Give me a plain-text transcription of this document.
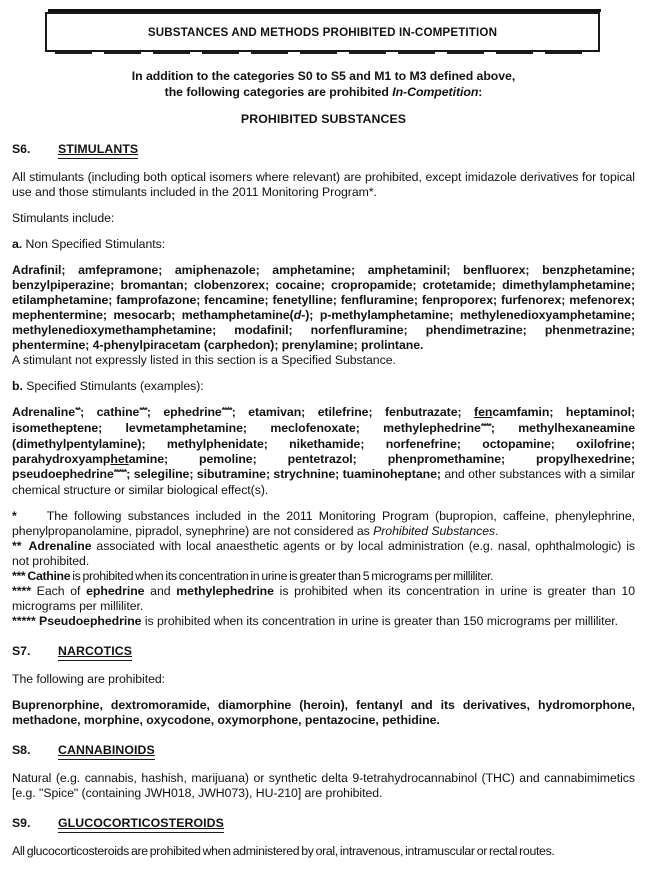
SUBSTANCES AND METHODS PROHIBITED IN-COMPETITION
In addition to the categories S0 to S5 and M1 to M3 defined above,
the following categories are prohibited In-Competition:
PROHIBITED SUBSTANCES
S6.	STIMULANTS

All stimulants (including both optical isomers where relevant) are prohibited, except imidazole derivatives for topical use and those stimulants included in the 2011 Monitoring Program*.

Stimulants include:

a. Non Specified Stimulants:

Adrafinil; amfepramone; amiphenazole; amphetamine; amphetaminil; benfluorex; benzphetamine; benzylpiperazine; bromantan; clobenzorex; cocaine; cropropamide; crotetamide; dimethylamphetamine; etilamphetamine; famprofazone; fencamine; fenetylline; fenfluramine; fenproporex; furfenorex; mefenorex; mephentermine; mesocarb; methamphetamine(d-); p-methylamphetamine; methylenedioxyamphetamine; methylenedioxymethamphetamine; modafinil; norfenfluramine; phendimetrazine; phenmetrazine; phentermine; 4-phenylpiracetam (carphedon); prenylamine; prolintane.

A stimulant not expressly listed in this section is a Specified Substance.

b. Specified Stimulants (examples):

Adrenaline**; cathine***; ephedrine****; etamivan; etilefrine; fenbutrazate; fencamfamin; heptaminol; isometheptene; levmetamphetamine; meclofenoxate; methylephedrine****; methylhexaneamine (dimethylpentylamine); methylphenidate; nikethamide; norfenefrine; octopamine; oxilofrine; parahydroxyamphetamine; pemoline; pentetrazol; phenpromethamine; propylhexedrine; pseudoephedrine*****; selegiline; sibutramine; strychnine; tuaminoheptane; and other substances with a similar chemical structure or similar biological effect(s).

* The following substances included in the 2011 Monitoring Program (bupropion, caffeine, phenylephrine, phenylpropanolamine, pipradol, synephrine) are not considered as Prohibited Substances.

** Adrenaline associated with local anaesthetic agents or by local administration (e.g. nasal, ophthalmologic) is not prohibited.

*** Cathine is prohibited when its concentration in urine is greater than 5 micrograms per milliliter.

**** Each of ephedrine and methylephedrine is prohibited when its concentration in urine is greater than 10 micrograms per milliliter.

***** Pseudoephedrine is prohibited when its concentration in urine is greater than 150 micrograms per milliliter.

S7.	NARCOTICS

The following are prohibited:

Buprenorphine, dextromoramide, diamorphine (heroin), fentanyl and its derivatives, hydromorphone, methadone, morphine, oxycodone, oxymorphone, pentazocine, pethidine.

S8.	CANNABINOIDS

Natural (e.g. cannabis, hashish, marijuana) or synthetic delta 9-tetrahydrocannabinol (THC) and cannabimimetics [e.g. "Spice" (containing JWH018, JWH073), HU-210] are prohibited.

S9.	GLUCOCORTICOSTEROIDS

All glucocorticosteroids are prohibited when administered by oral, intravenous, intramuscular or rectal routes.
